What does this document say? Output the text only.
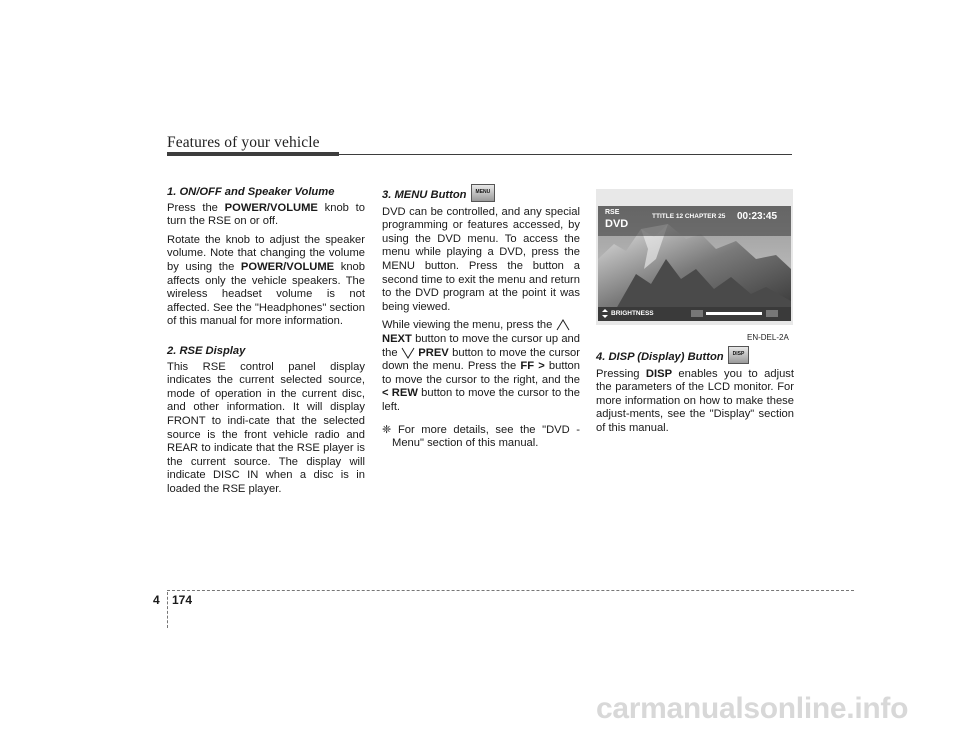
Features of your vehicle
1. ON/OFF and Speaker Volume

Press the POWER/VOLUME knob to turn the RSE on or off.

Rotate the knob to adjust the speaker volume. Note that changing the volume by using the POWER/VOLUME knob affects only the vehicle speakers. The wireless headset volume is not affected. See the "Headphones" section of this manual for more information.

2. RSE Display

This RSE control panel display indicates the current selected source, mode of operation in the current disc, and other information. It will display FRONT to indi-cate that the selected source is the front vehicle radio and REAR to indicate that the RSE player is the current source. The display will indicate DISC IN when a disc is in loaded the RSE player.

3. MENU Button MENU

DVD can be controlled, and any special programming or features accessed, by using the DVD menu. To access the menu while playing a DVD, press the MENU button. Press the button a second time to exit the menu and return to the DVD program at the point it was being viewed.

While viewing the menu, press the
NEXT button to move the cursor up and the  PREV button to move the cursor down the menu. Press the FF > button to move the cursor to the right, and the < REW button to move the cursor to the left.

❈ For more details, see the "DVD - Menu" section of this manual.

RSE
DVD
TTITLE 12 CHAPTER 25 00:23:45
BRIGHTNESS
EN-DEL-2A
4. DISP (Display) Button DISP

Pressing DISP enables you to adjust the parameters of the LCD monitor. For more information on how to make these adjust-ments, see the "Display" section of this manual.

4 174
carmanualsonline.info
